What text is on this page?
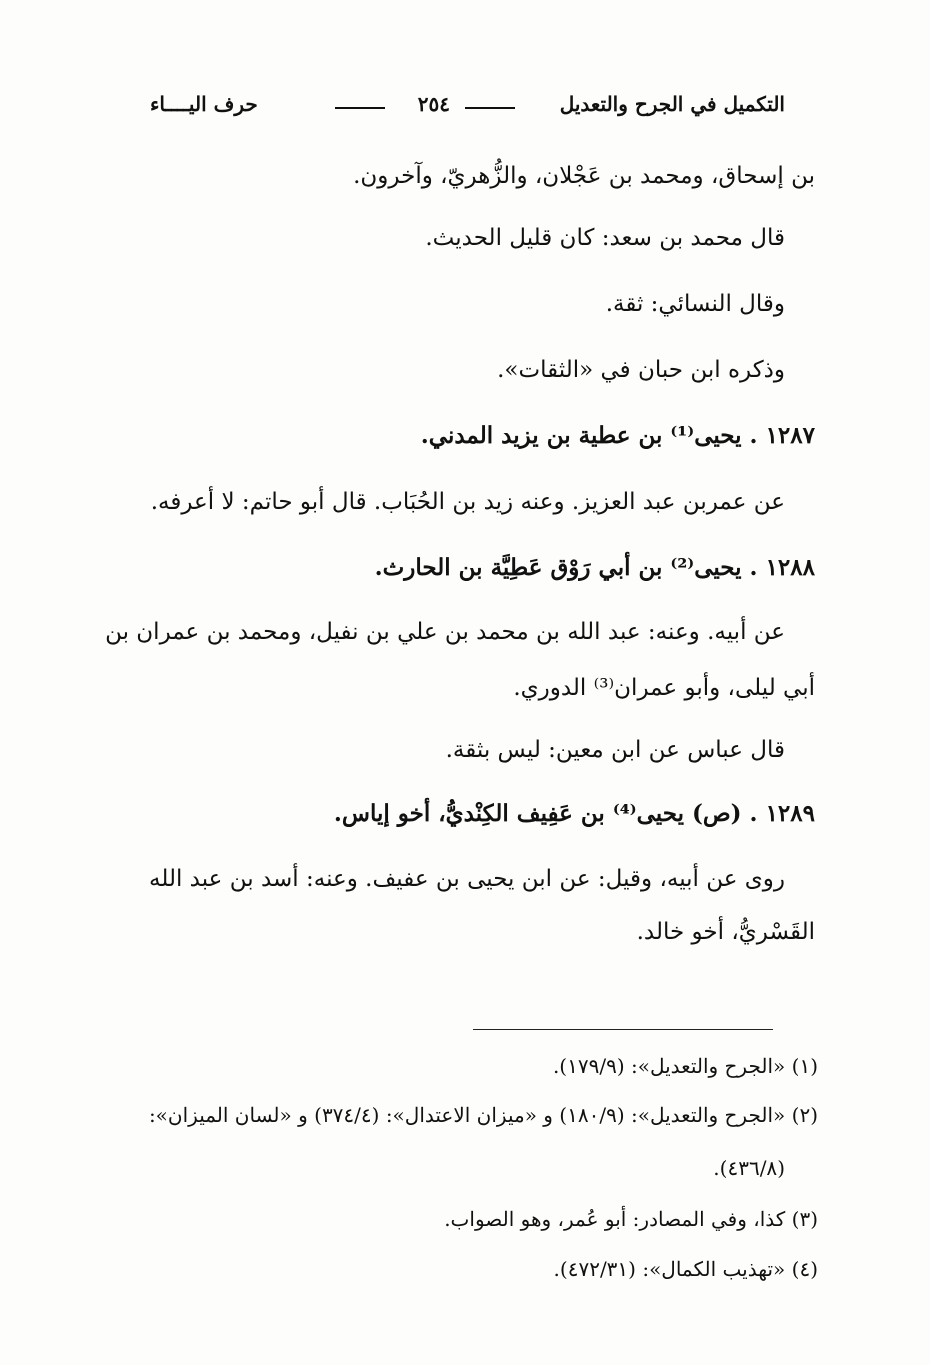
التكميل في الجرح والتعديل
٢٥٤
حرف اليــــاء
بن إسحاق، ومحمد بن عَجْلان، والزُّهريّ، وآخرون.
قال محمد بن سعد: كان قليل الحديث.
وقال النسائي: ثقة.
وذكره ابن حبان في «الثقات».
١٢٨٧ . يحيى⁽¹⁾ بن عطية بن يزيد المدني.
عن عمربن عبد العزيز. وعنه زيد بن الحُبَاب. قال أبو حاتم: لا أعرفه.
١٢٨٨ . يحيى⁽²⁾ بن أبي رَوْق عَطِيَّة بن الحارث.
عن أبيه. وعنه: عبد الله بن محمد بن علي بن نفيل، ومحمد بن عمران بن
أبي ليلى، وأبو عمران⁽³⁾ الدوري.
قال عباس عن ابن معين: ليس بثقة.
١٢٨٩ . (ص) يحيى⁽⁴⁾ بن عَفِيف الكِنْديُّ، أخو إياس.
روى عن أبيه، وقيل: عن ابن يحيى بن عفيف. وعنه: أسد بن عبد الله
القَسْريُّ، أخو خالد.
(١) «الجرح والتعديل»: (١٧٩/٩).
(٢) «الجرح والتعديل»: (١٨٠/٩) و «ميزان الاعتدال»: (٣٧٤/٤) و «لسان الميزان»:
(٤٣٦/٨).
(٣) كذا، وفي المصادر: أبو عُمر، وهو الصواب.
(٤) «تهذيب الكمال»: (٤٧٢/٣١).
